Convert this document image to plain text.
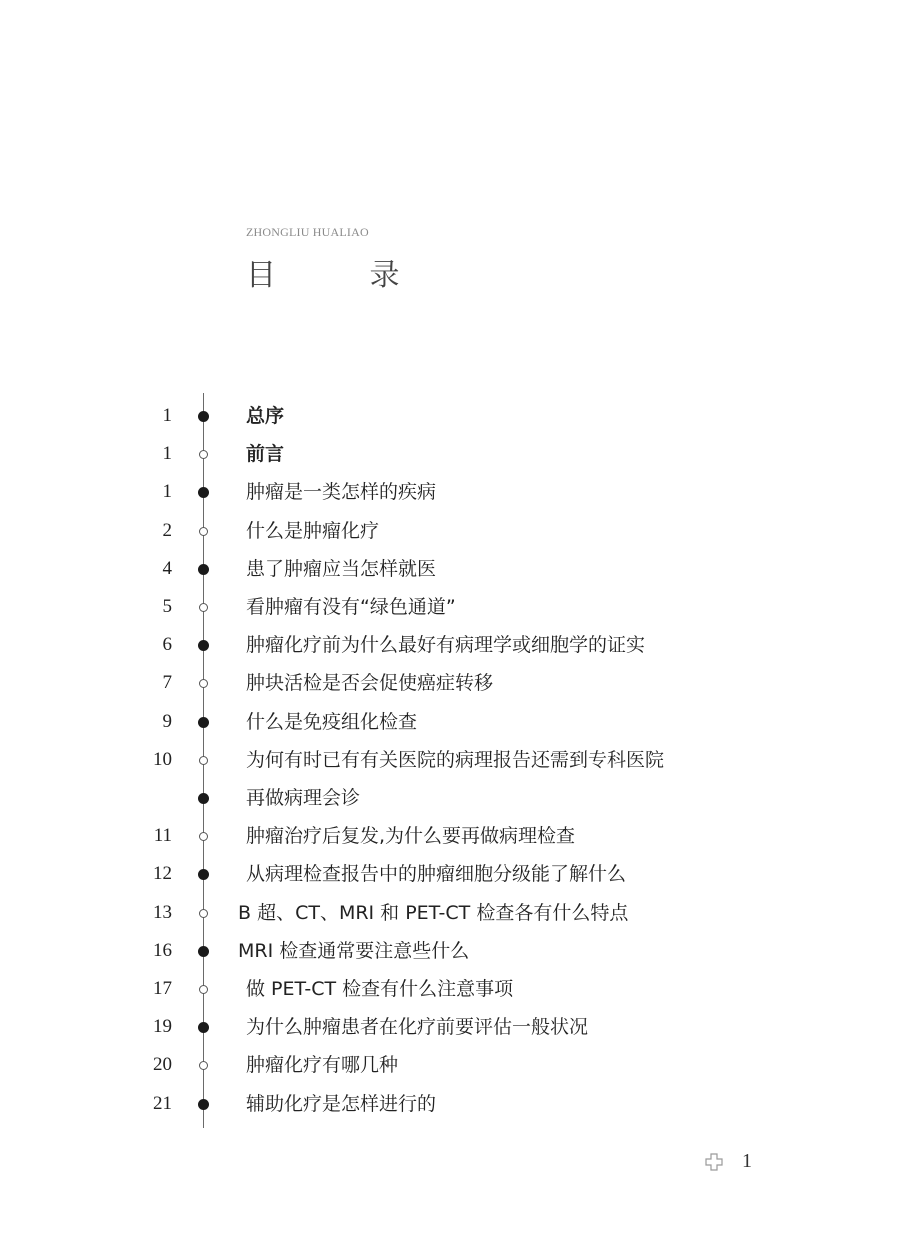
ZHONGLIU HUALIAO
目 录
1	总序
1	前言
1	肿瘤是一类怎样的疾病
2	什么是肿瘤化疗
4	患了肿瘤应当怎样就医
5	看肿瘤有没有“绿色通道”
6	肿瘤化疗前为什么最好有病理学或细胞学的证实
7	肿块活检是否会促使癌症转移
9	什么是免疫组化检查
10	为何有时已有有关医院的病理报告还需到专科医院
再做病理会诊
11	肿瘤治疗后复发,为什么要再做病理检查
12	从病理检查报告中的肿瘤细胞分级能了解什么
13	B 超、CT、MRI 和 PET-CT 检查各有什么特点
16	MRI 检查通常要注意些什么
17	做 PET-CT 检查有什么注意事项
19	为什么肿瘤患者在化疗前要评估一般状况
20	肿瘤化疗有哪几种
21	辅助化疗是怎样进行的
1
